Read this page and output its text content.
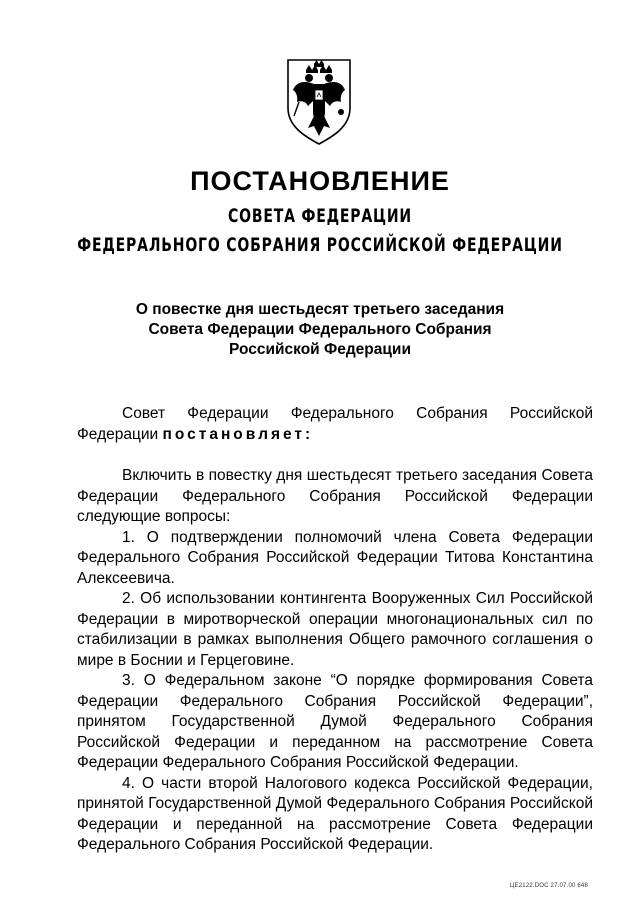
ПОСТАНОВЛЕНИЕ
СОВЕТА ФЕДЕРАЦИИ
ФЕДЕРАЛЬНОГО СОБРАНИЯ РОССИЙСКОЙ ФЕДЕРАЦИИ
О повестке дня шестьдесят третьего заседания
Совета Федерации Федерального Собрания
Российской Федерации

Совет Федерации Федерального Собрания Российской Федерации постановляет:

Включить в повестку дня шестьдесят третьего заседания Совета Федерации Федерального Собрания Российской Федерации следующие вопросы:

1. О подтверждении полномочий члена Совета Федерации Федерального Собрания Российской Федерации Титова Константина Алексеевича.

2. Об использовании контингента Вооруженных Сил Российской Федерации в миротворческой операции многонациональных сил по стабилизации в рамках выполнения Общего рамочного соглашения о мире в Боснии и Герцеговине.

3. О Федеральном законе “О порядке формирования Совета Федерации Федерального Собрания Российской Федерации”, принятом Государственной Думой Федерального Собрания Российской Федерации и переданном на рассмотрение Совета Федерации Федерального Собрания Российской Федерации.

4. О части второй Налогового кодекса Российской Федерации, принятой Государственной Думой Федерального Собрания Российской Федерации и переданной на рассмотрение Совета Федерации Федерального Собрания Российской Федерации.

ЦЕ2122.DOC 27.07.00 648
